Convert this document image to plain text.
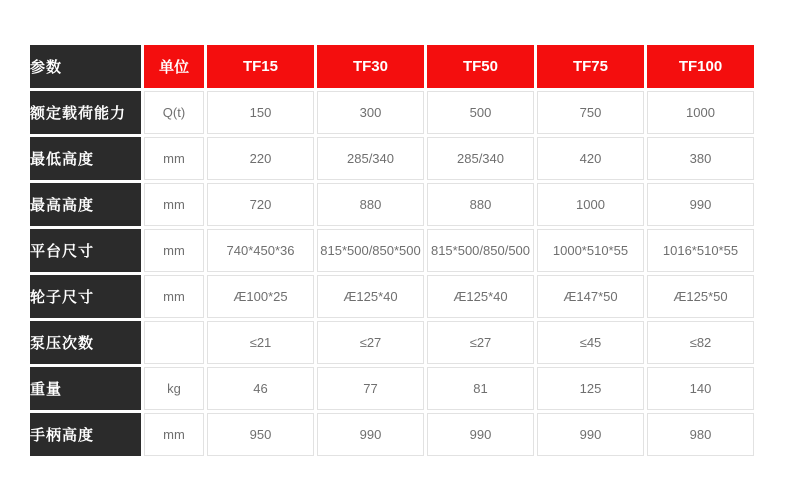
参数	单位	TF15	TF30	TF50	TF75	TF100
额定载荷能力	Q(t)	150	300	500	750	1000
最低高度	mm	220	285/340	285/340	420	380
最高高度	mm	720	880	880	1000	990
平台尺寸	mm	740*450*36	815*500/850*500	815*500/850/500	1000*510*55	1016*510*55
轮子尺寸	mm	Æ100*25	Æ125*40	Æ125*40	Æ147*50	Æ125*50
泵压次数		≤21	≤27	≤27	≤45	≤82
重量	kg	46	77	81	125	140
手柄高度	mm	950	990	990	990	980
